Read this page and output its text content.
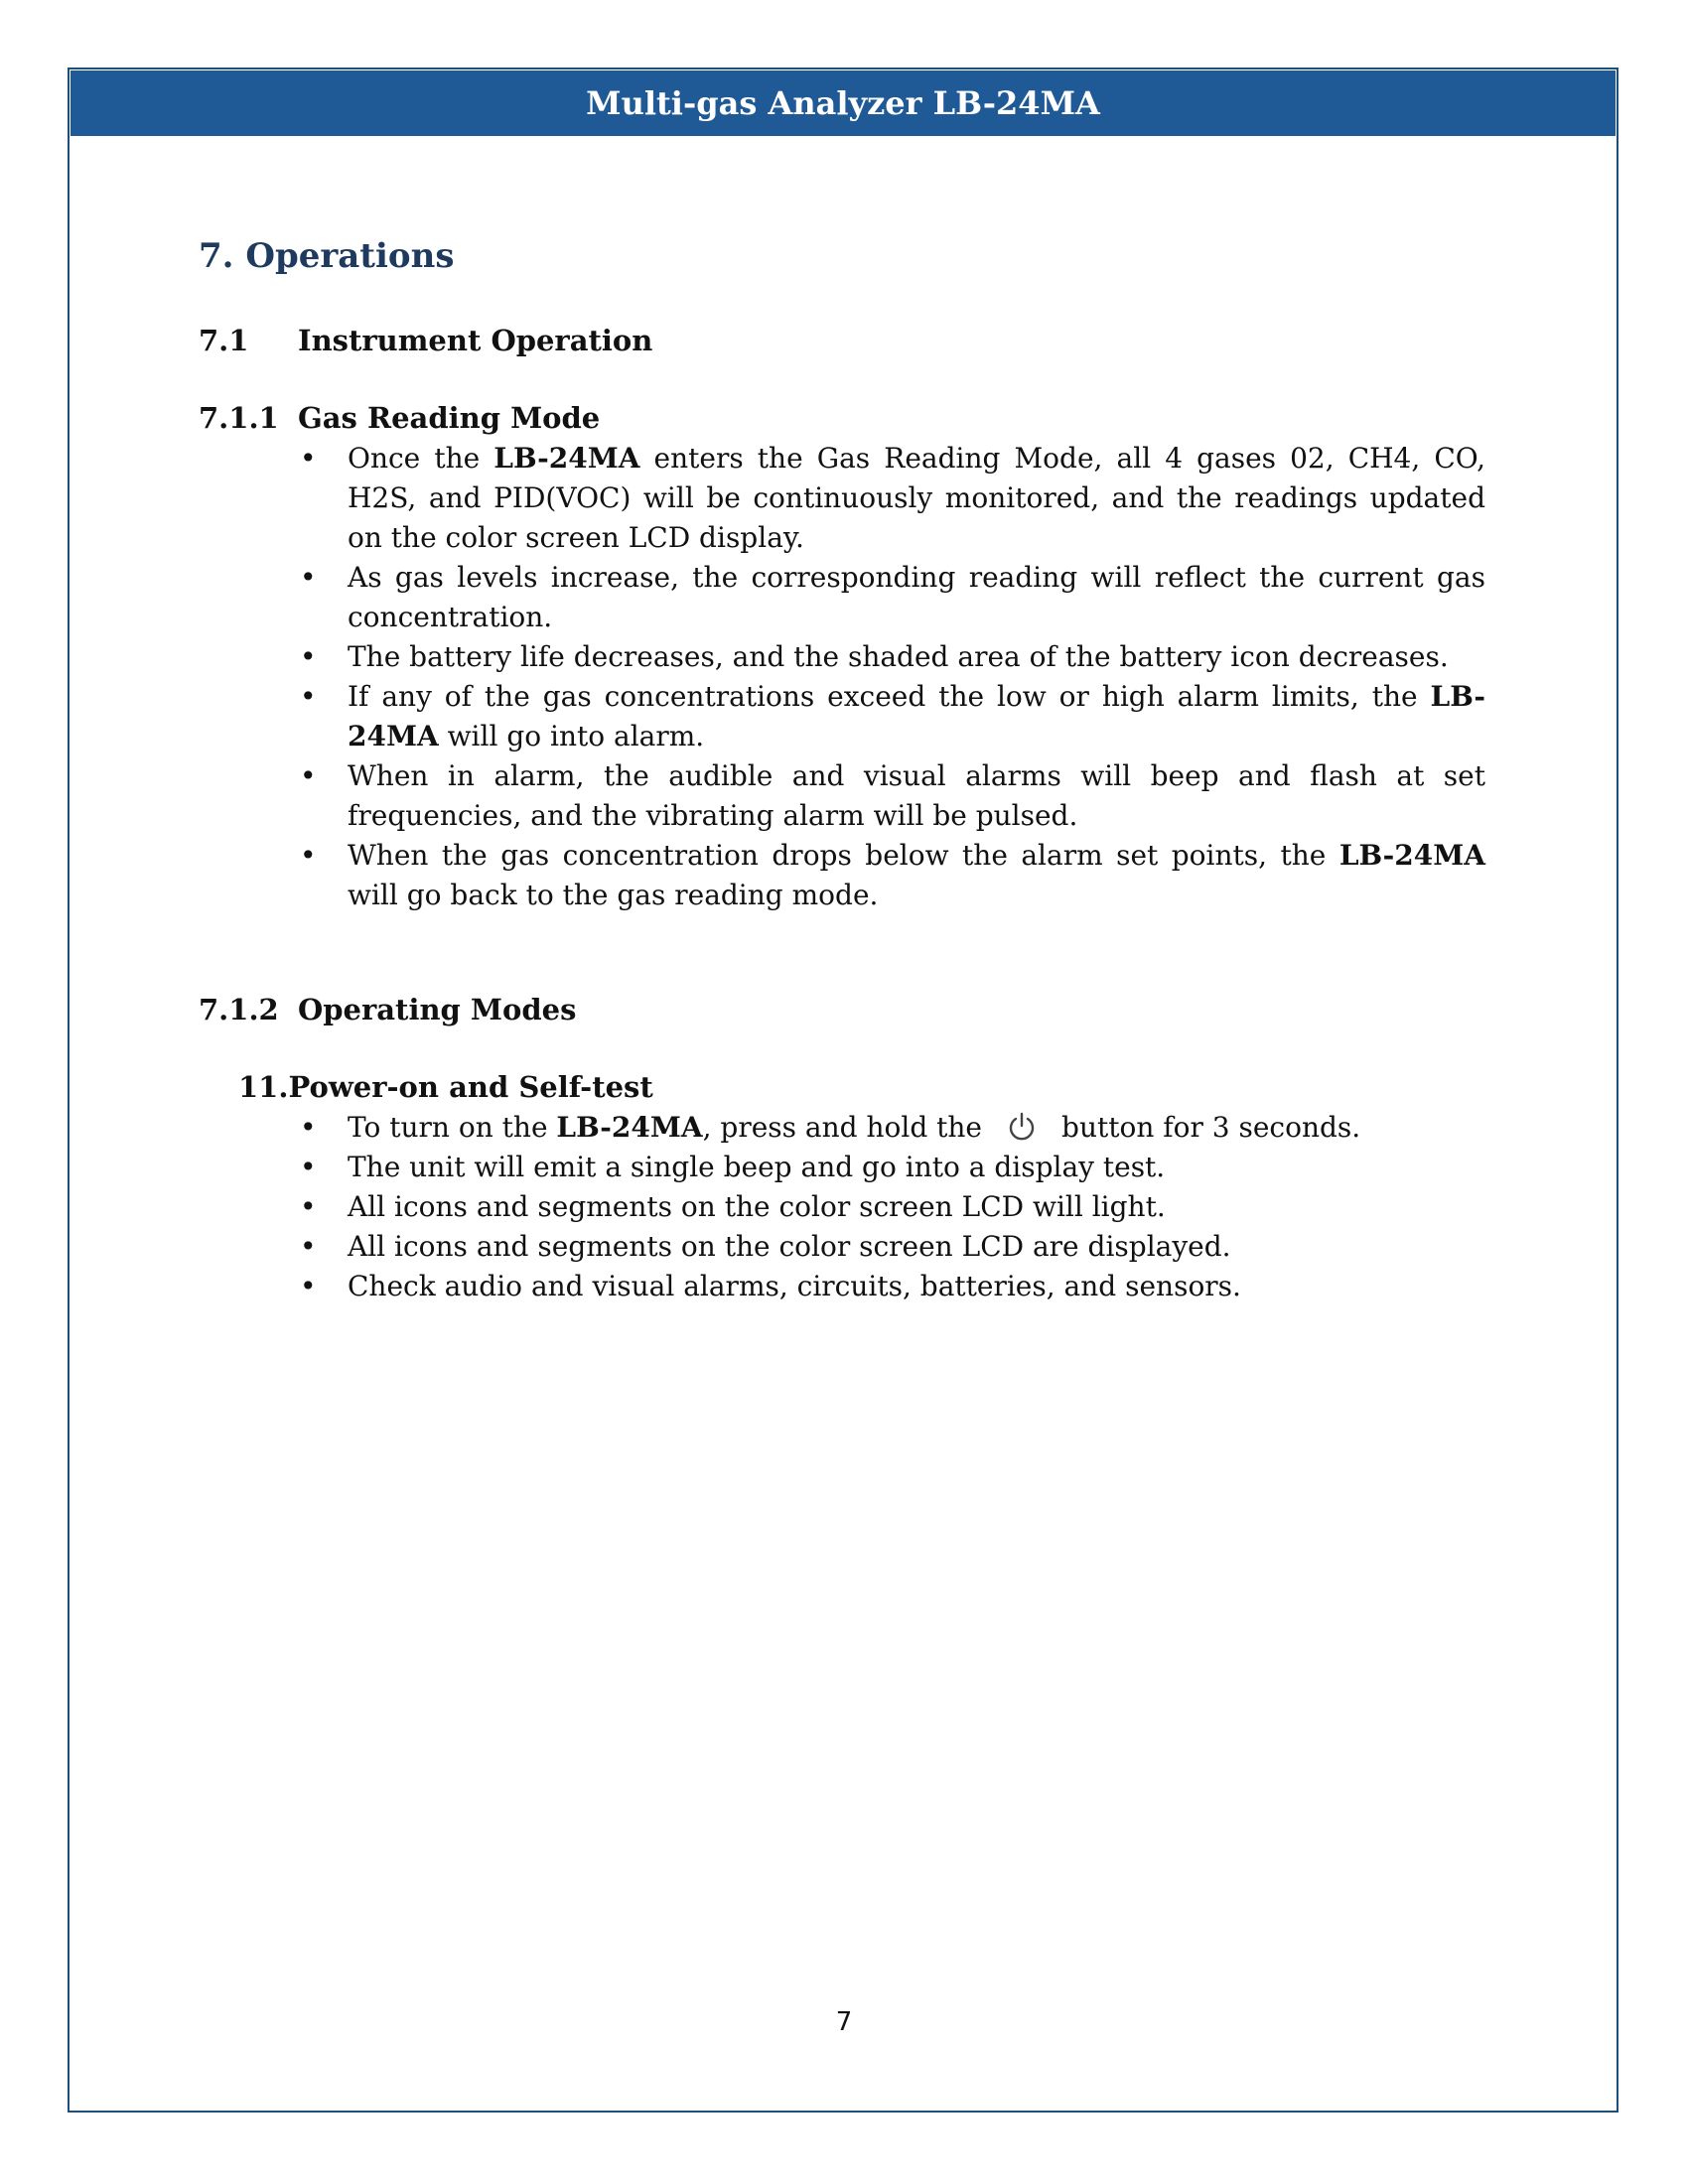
Multi-gas Analyzer LB-24MA
7. Operations
7.1 Instrument Operation
7.1.1 Gas Reading Mode
• Once the LB-24MA enters the Gas Reading Mode, all 4 gases 02, CH4, CO, H2S, and PID(VOC) will be continuously monitored, and the readings updated on the color screen LCD display.
• As gas levels increase, the corresponding reading will reflect the current gas concentration.
• The battery life decreases, and the shaded area of the battery icon decreases.
• If any of the gas concentrations exceed the low or high alarm limits, the LB-24MA will go into alarm.
• When in alarm, the audible and visual alarms will beep and flash at set frequencies, and the vibrating alarm will be pulsed.
• When the gas concentration drops below the alarm set points, the LB-24MA will go back to the gas reading mode.
7.1.2 Operating Modes
11.Power-on and Self-test
• To turn on the LB-24MA, press and hold the	button for 3 seconds.
• The unit will emit a single beep and go into a display test.
• All icons and segments on the color screen LCD will light.
• All icons and segments on the color screen LCD are displayed.
• Check audio and visual alarms, circuits, batteries, and sensors.
7
